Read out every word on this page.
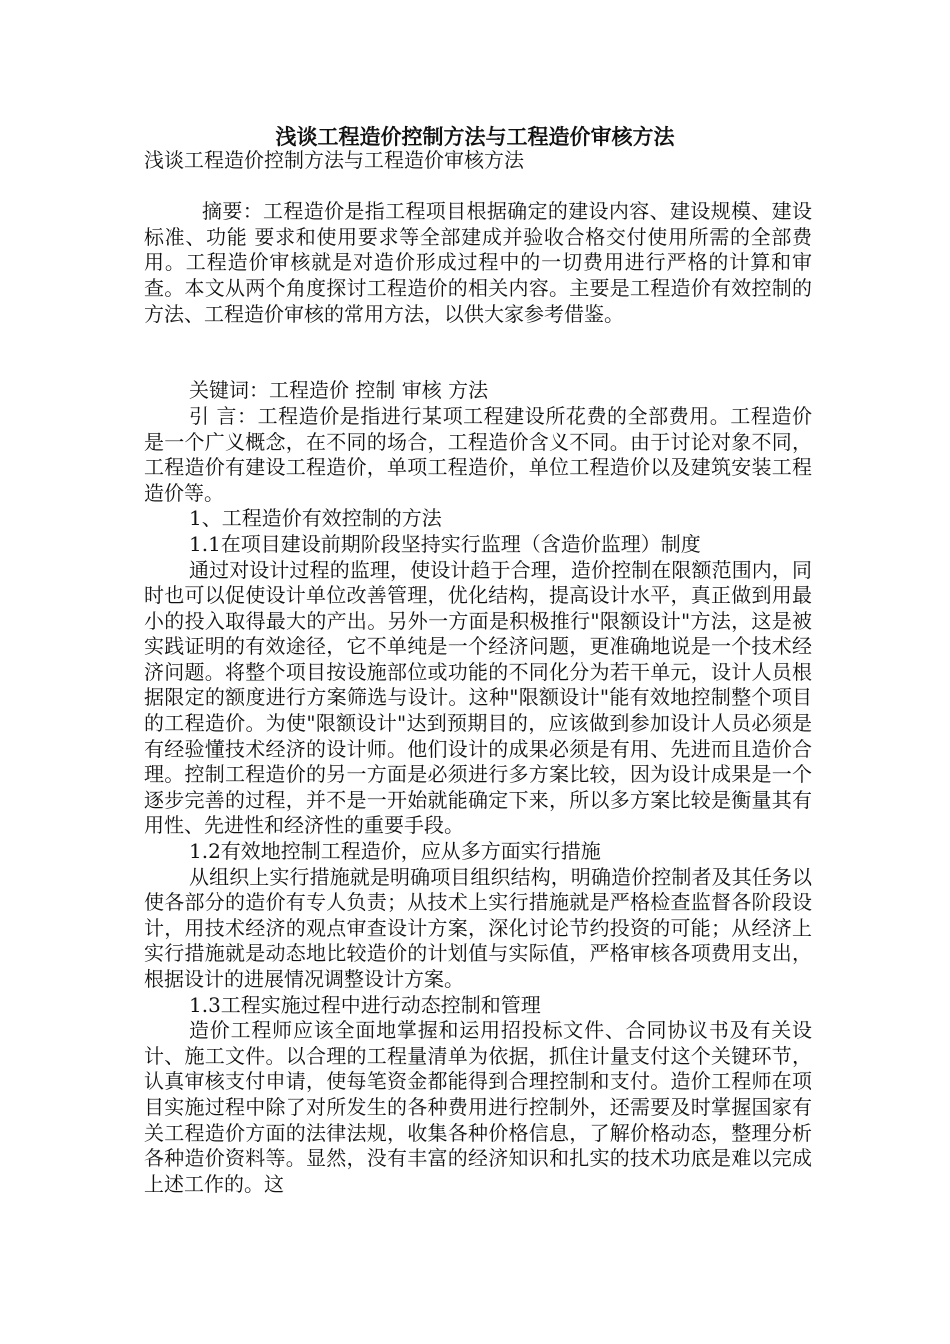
浅谈工程造价控制方法与工程造价审核方法

浅谈工程造价控制方法与工程造价审核方法

摘要：工程造价是指工程项目根据确定的建设内容、建设规模、建设标准、功能 要求和使用要求等全部建成并验收合格交付使用所需的全部费用。工程造价审核就是对造价形成过程中的一切费用进行严格的计算和审查。本文从两个角度探讨工程造价的相关内容。主要是工程造价有效控制的方法、工程造价审核的常用方法，以供大家参考借鉴。

关键词：工程造价 控制 审核 方法

引 言：工程造价是指进行某项工程建设所花费的全部费用。工程造价是一个广义概念，在不同的场合，工程造价含义不同。由于讨论对象不同，工程造价有建设工程造价，单项工程造价，单位工程造价以及建筑安装工程造价等。

1、工程造价有效控制的方法

1.1在项目建设前期阶段坚持实行监理（含造价监理）制度

通过对设计过程的监理，使设计趋于合理，造价控制在限额范围内，同时也可以促使设计单位改善管理，优化结构，提高设计水平，真正做到用最小的投入取得最大的产出。另外一方面是积极推行"限额设计"方法，这是被实践证明的有效途径，它不单纯是一个经济问题，更准确地说是一个技术经济问题。将整个项目按设施部位或功能的不同化分为若干单元，设计人员根据限定的额度进行方案筛选与设计。这种"限额设计"能有效地控制整个项目的工程造价。为使"限额设计"达到预期目的，应该做到参加设计人员必须是有经验懂技术经济的设计师。他们设计的成果必须是有用、先进而且造价合理。控制工程造价的另一方面是必须进行多方案比较，因为设计成果是一个逐步完善的过程，并不是一开始就能确定下来，所以多方案比较是衡量其有用性、先进性和经济性的重要手段。

1.2有效地控制工程造价，应从多方面实行措施

从组织上实行措施就是明确项目组织结构，明确造价控制者及其任务以使各部分的造价有专人负责；从技术上实行措施就是严格检查监督各阶段设计，用技术经济的观点审查设计方案，深化讨论节约投资的可能；从经济上实行措施就是动态地比较造价的计划值与实际值，严格审核各项费用支出，根据设计的进展情况调整设计方案。

1.3工程实施过程中进行动态控制和管理

造价工程师应该全面地掌握和运用招投标文件、合同协议书及有关设计、施工文件。以合理的工程量清单为依据，抓住计量支付这个关键环节，认真审核支付申请，使每笔资金都能得到合理控制和支付。造价工程师在项目实施过程中除了对所发生的各种费用进行控制外，还需要及时掌握国家有关工程造价方面的法律法规，收集各种价格信息，了解价格动态，整理分析各种造价资料等。显然，没有丰富的经济知识和扎实的技术功底是难以完成上述工作的。这
